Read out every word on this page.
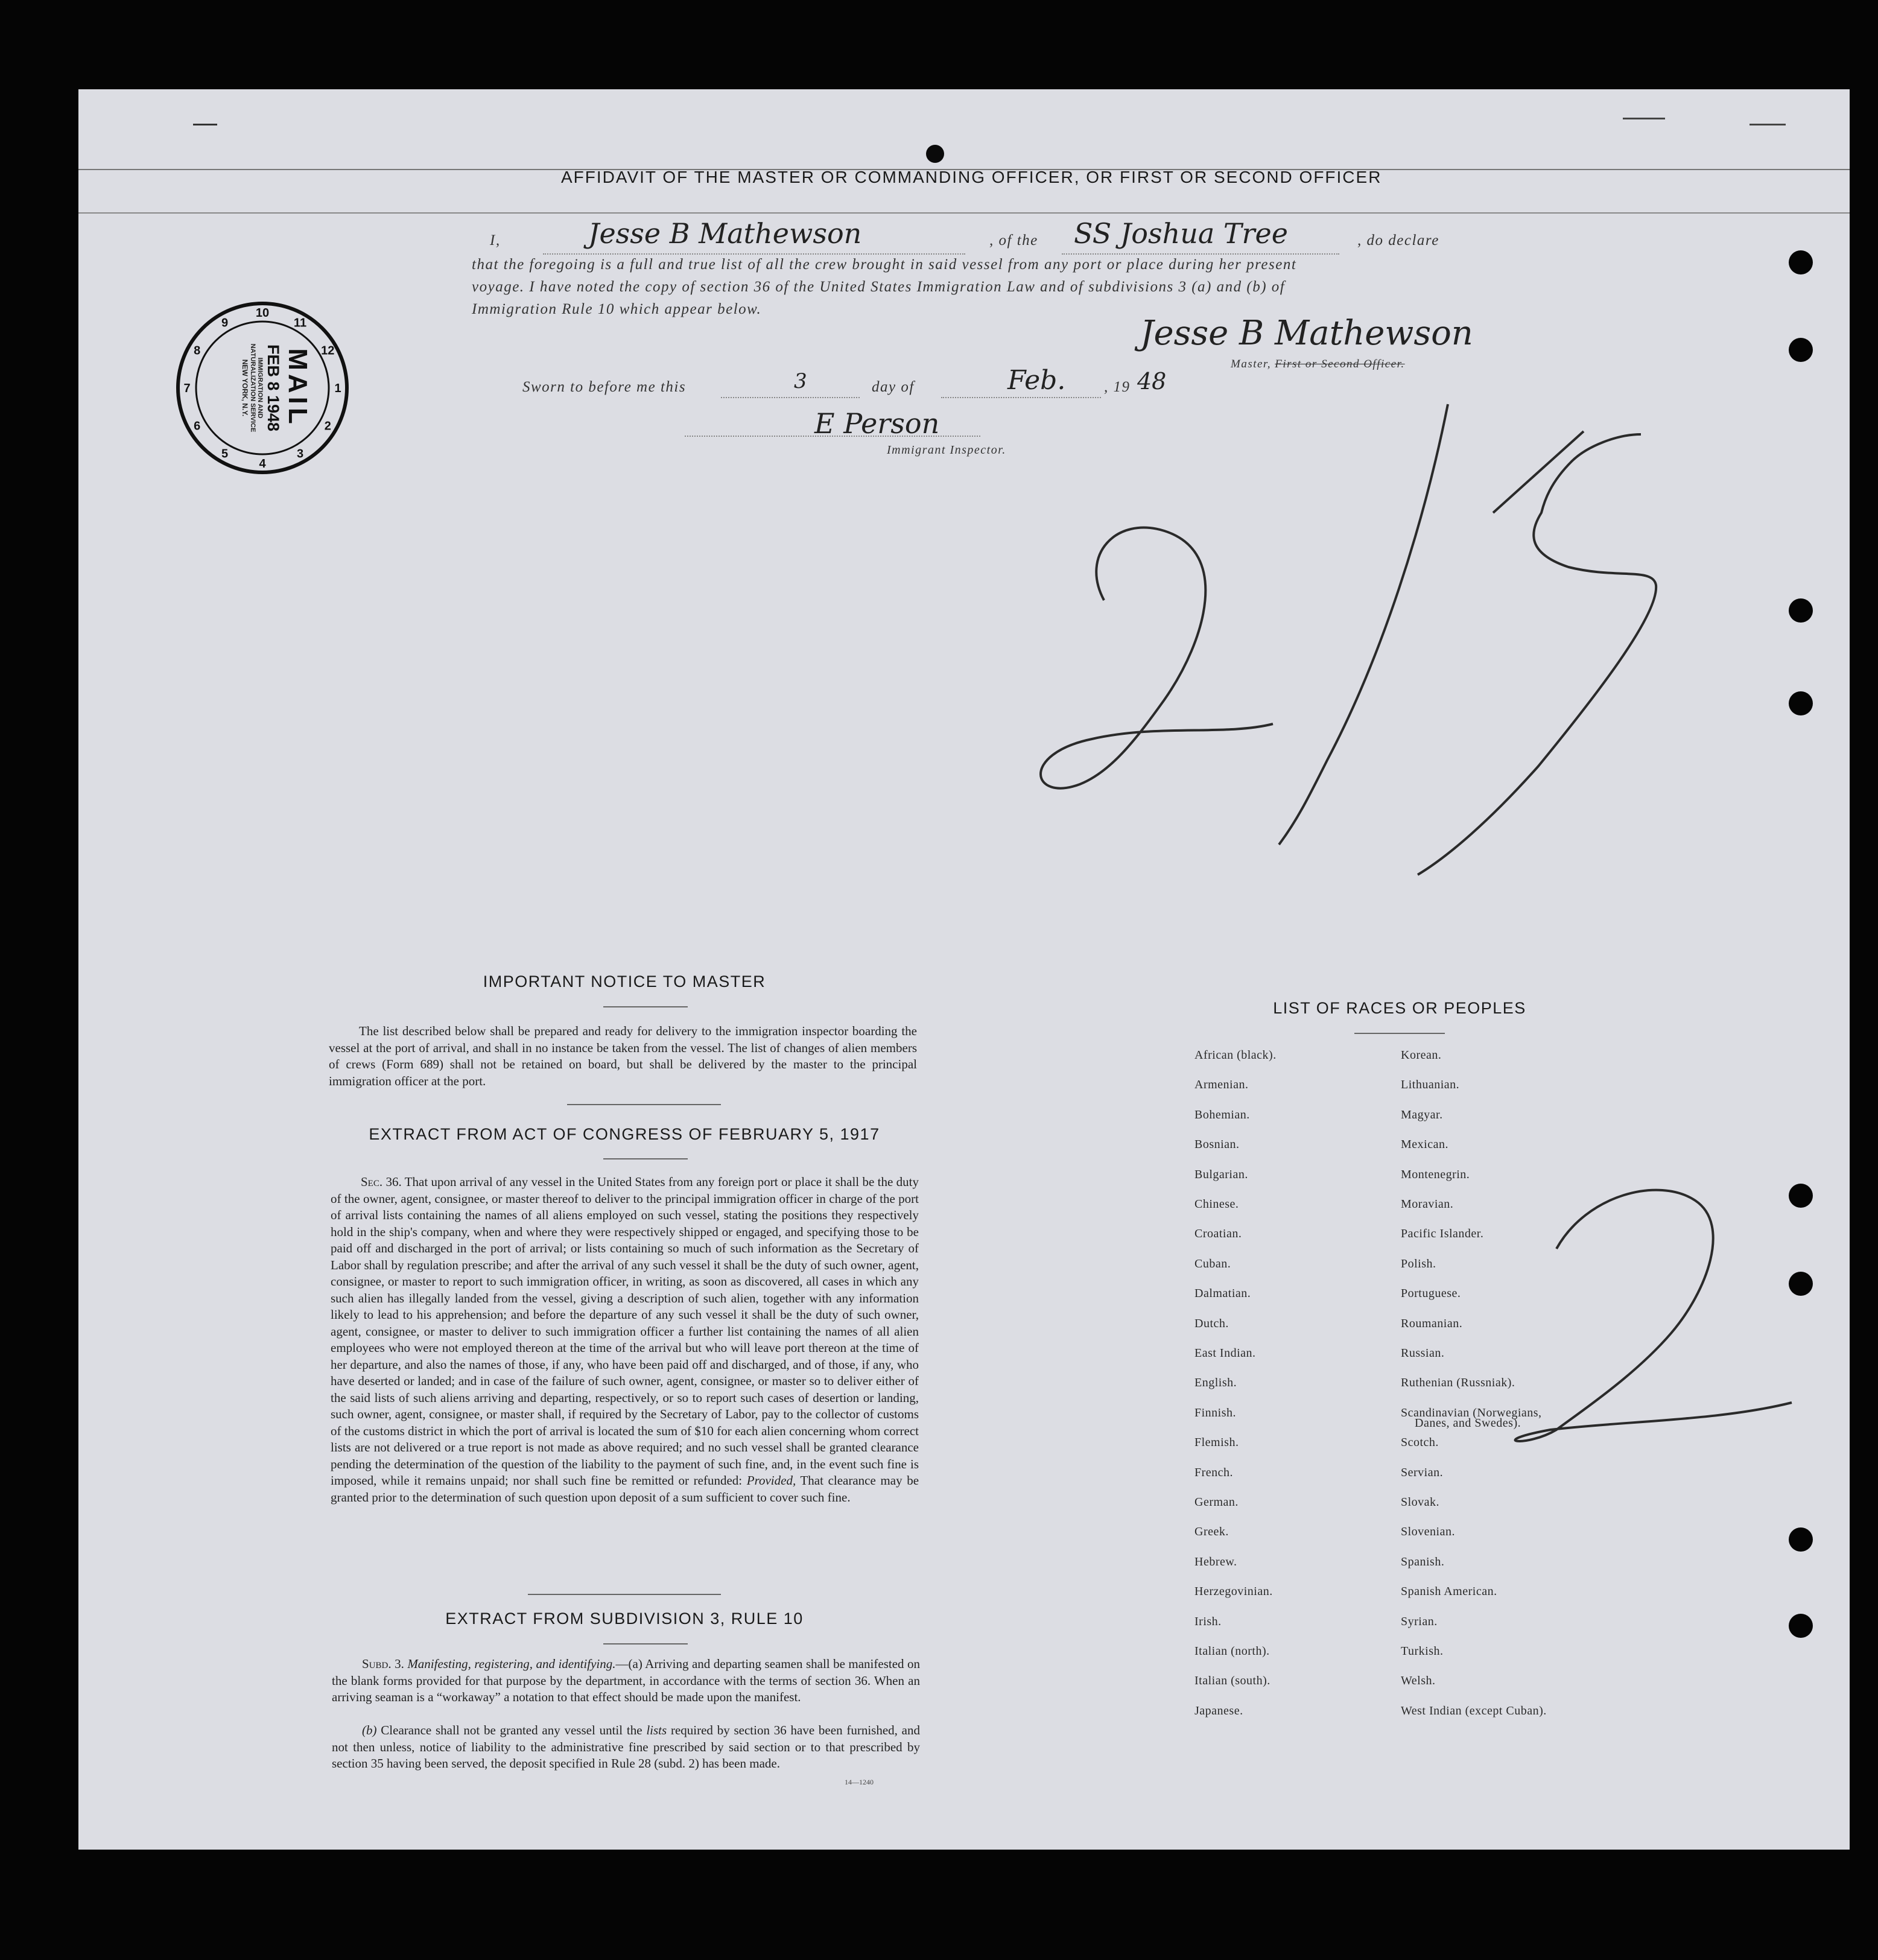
AFFIDAVIT OF THE MASTER OR COMMANDING OFFICER, OR FIRST OR SECOND OFFICER
I,	Jesse B Mathewson	, of the SS Joshua Tree	, do declare
that the foregoing is a full and true list of all the crew brought in said vessel from any port or place during her present
voyage. I have noted the copy of section 36 of the United States Immigration Law and of subdivisions 3 (a) and (b) of
Immigration Rule 10 which appear below.
Jesse B Mathewson
Master, First or Second Officer.
Sworn to before me this	3	day of	Feb.	, 19 48
E Person
Immigrant Inspector.
1
2
3
4
5
6
7
8
9
10
11
12
MAIL
FEB 8 1948
IMMIGRATION AND NATURALIZATION SERVICE
NEW YORK, N.Y.
IMPORTANT NOTICE TO MASTER
The list described below shall be prepared and ready for delivery to the immigration inspector boarding the vessel at the port of arrival, and shall in no instance be taken from the vessel. The list of changes of alien members of crews (Form 689) shall not be retained on board, but shall be delivered by the master to the principal immigration officer at the port.
EXTRACT FROM ACT OF CONGRESS OF FEBRUARY 5, 1917
Sec. 36. That upon arrival of any vessel in the United States from any foreign port or place it shall be the duty of the owner, agent, consignee, or master thereof to deliver to the principal immigration officer in charge of the port of arrival lists containing the names of all aliens employed on such vessel, stating the positions they respectively hold in the ship's company, when and where they were respectively shipped or engaged, and specifying those to be paid off and discharged in the port of arrival; or lists containing so much of such information as the Secretary of Labor shall by regulation prescribe; and after the arrival of any such vessel it shall be the duty of such owner, agent, consignee, or master to report to such immigration officer, in writing, as soon as discovered, all cases in which any such alien has illegally landed from the vessel, giving a description of such alien, together with any information likely to lead to his apprehension; and before the departure of any such vessel it shall be the duty of such owner, agent, consignee, or master to deliver to such immigration officer a further list containing the names of all alien employees who were not employed thereon at the time of the arrival but who will leave port thereon at the time of her departure, and also the names of those, if any, who have been paid off and discharged, and of those, if any, who have deserted or landed; and in case of the failure of such owner, agent, consignee, or master so to deliver either of the said lists of such aliens arriving and departing, respectively, or so to report such cases of desertion or landing, such owner, agent, consignee, or master shall, if required by the Secretary of Labor, pay to the collector of customs of the customs district in which the port of arrival is located the sum of $10 for each alien concerning whom correct lists are not delivered or a true report is not made as above required; and no such vessel shall be granted clearance pending the determination of the question of the liability to the payment of such fine, and, in the event such fine is imposed, while it remains unpaid; nor shall such fine be remitted or refunded: Provided, That clearance may be granted prior to the determination of such question upon deposit of a sum sufficient to cover such fine.
EXTRACT FROM SUBDIVISION 3, RULE 10
Subd. 3. Manifesting, registering, and identifying.—(a) Arriving and departing seamen shall be manifested on the blank forms provided for that purpose by the department, in accordance with the terms of section 36. When an arriving seaman is a “workaway” a notation to that effect should be made upon the manifest.
(b) Clearance shall not be granted any vessel until the lists required by section 36 have been furnished, and not then unless, notice of liability to the administrative fine prescribed by said section or to that prescribed by section 35 having been served, the deposit specified in Rule 28 (subd. 2) has been made.
14—1240
LIST OF RACES OR PEOPLES
African (black).
Armenian.
Bohemian.
Bosnian.
Bulgarian.
Chinese.
Croatian.
Cuban.
Dalmatian.
Dutch.
East Indian.
English.
Finnish.
Flemish.
French.
German.
Greek.
Hebrew.
Herzegovinian.
Irish.
Italian (north).
Italian (south).
Japanese.
Korean.
Lithuanian.
Magyar.
Mexican.
Montenegrin.
Moravian.
Pacific Islander.
Polish.
Portuguese.
Roumanian.
Russian.
Ruthenian (Russniak).
Scandinavian (Norwegians,
Scotch.
Servian.
Slovak.
Slovenian.
Spanish.
Spanish American.
Syrian.
Turkish.
Welsh.
West Indian (except Cuban).
Danes, and Swedes).
